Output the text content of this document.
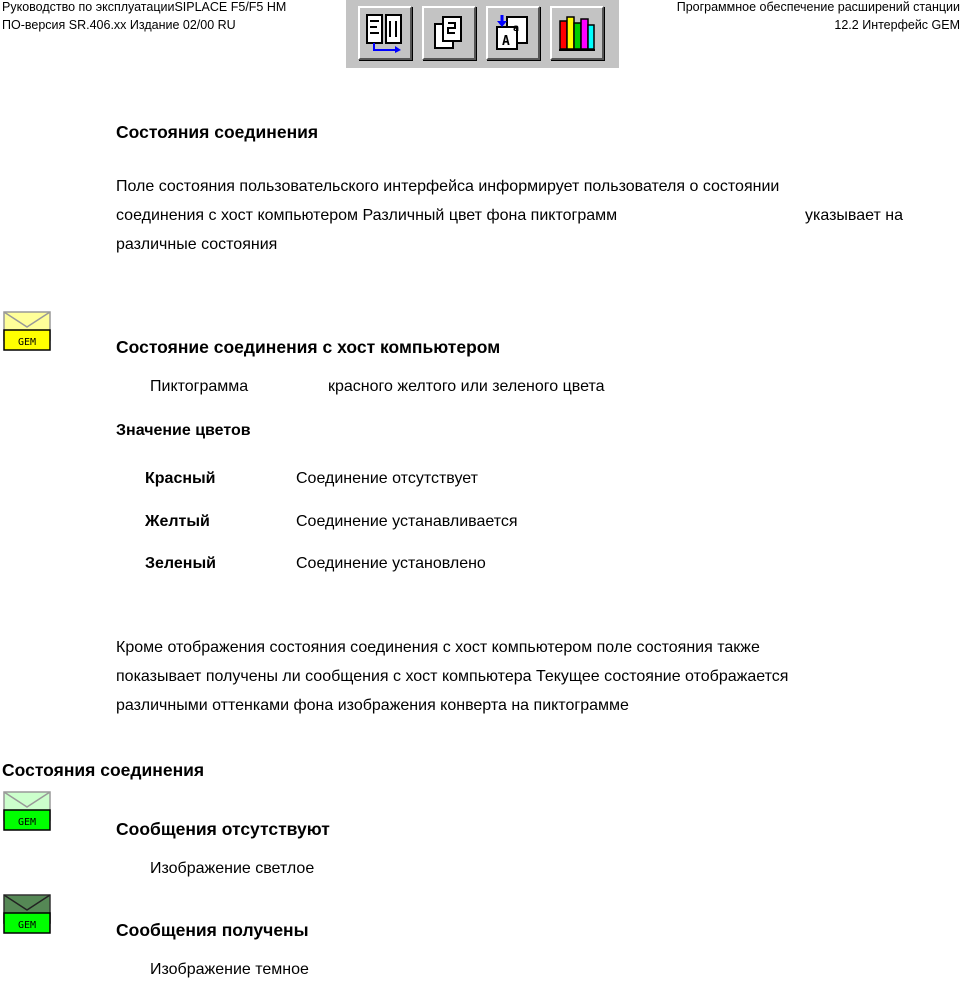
Руководство по эксплуатацииSIPLACE F5/F5 HM
ПО-версия SR.406.xx Издание 02/00 RU
Программное обеспечение расширений станции
12.2 Интерфейс GEM
A
a
Состояния соединения
Поле состояния пользовательского интерфейса информирует пользователя о состоянии
соединения с хост компьютером Различный цвет фона пиктограмм	указывает на
различные состояния
GEM	Состояние соединения с хост компьютером
Пиктограмма	красного желтого или зеленого цвета
Значение цветов
Красный	Соединение отсутствует
Желтый	Соединение устанавливается
Зеленый	Соединение установлено
Кроме отображения состояния соединения с хост компьютером поле состояния также
показывает получены ли сообщения с хост компьютера Текущее состояние отображается
различными оттенками фона изображения конверта на пиктограмме
Состояния соединения
GEM	Сообщения отсутствуют
Изображение светлое
GEM	Сообщения получены
Изображение темное
